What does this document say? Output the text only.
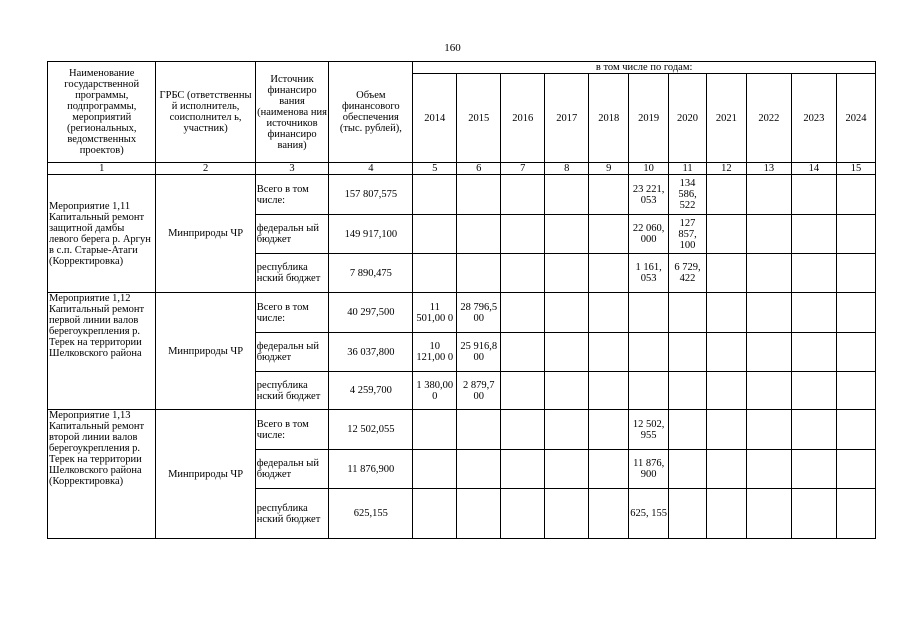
160
Наименование государственной программы, подпрограммы, мероприятий (региональных, ведомственных проектов)	ГРБС (ответственны й исполнитель, соисполнител ь, участник)	Источник финансиро вания (наименова ния источников финансиро вания)	Объем финансового обеспечения (тыс. рублей),	в том числе по годам:										
				2014	2015	2016	2017	2018	2019	2020	2021	2022	2023	2024
1	2	3	4	5	6	7	8	9	10	11	12	13	14	15
Мероприятие 1,11 Капитальный ремонт защитной дамбы левого берега р. Аргун в с.п. Старые-Атаги (Корректировка)	Минприроды ЧР	Всего в том числе:	157 807,575						23 221, 053	134 586, 522				
		федеральн ый бюджет	149 917,100						22 060, 000	127 857, 100				
		республика нский бюджет	7 890,475						1 161, 053	6 729, 422				
Мероприятие 1,12 Капитальный ремонт первой линии валов берегоукрепления р. Терек на территории Шелковского района	Минприроды ЧР	Всего в том числе:	40 297,500	11 501,00 0	28 796,5 00									
		федеральн ый бюджет	36 037,800	10 121,00 0	25 916,8 00									
		республика нский бюджет	4 259,700	1 380,00 0	2 879,7 00									
Мероприятие 1,13 Капитальный ремонт второй линии валов берегоукрепления р. Терек на территории Шелковского района (Корректировка)	Минприроды ЧР	Всего в том числе:	12 502,055						12 502, 955					
		федеральн ый бюджет	11 876,900						11 876, 900					
		республика нский бюджет	625,155						625, 155					
